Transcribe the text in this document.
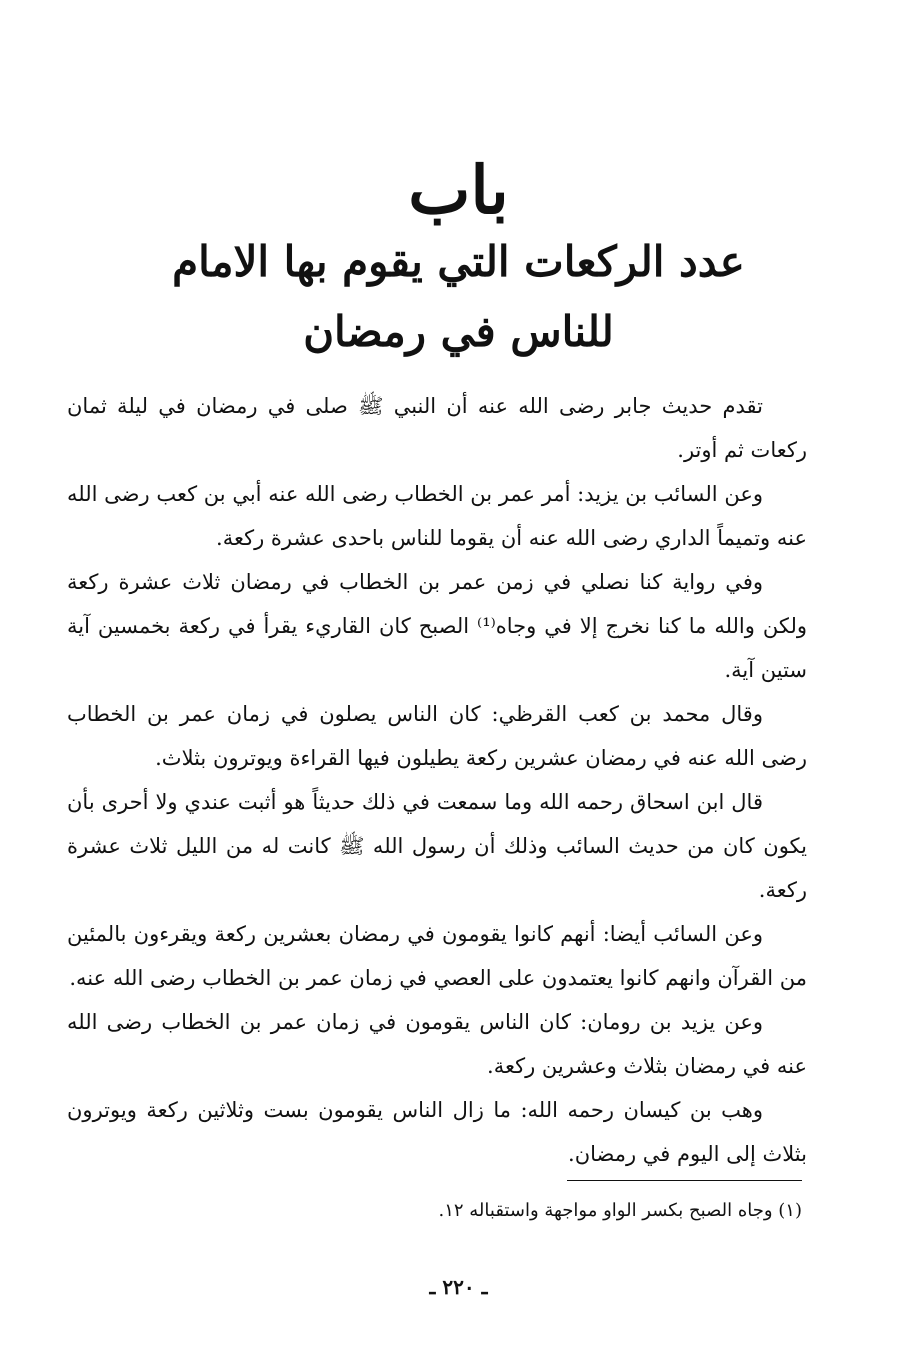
باب
عدد الركعات التي يقوم بها الامام
للناس في رمضان

تقدم حديث جابر رضى الله عنه أن النبي ﷺ صلى في رمضان في ليلة ثمان ركعات ثم أوتر.

وعن السائب بن يزيد: أمر عمر بن الخطاب رضى الله عنه أبي بن كعب رضى الله عنه وتميماً الداري رضى الله عنه أن يقوما للناس باحدى عشرة ركعة.

وفي رواية كنا نصلي في زمن عمر بن الخطاب في رمضان ثلاث عشرة ركعة ولكن والله ما كنا نخرج إلا في وجاه⁽¹⁾ الصبح كان القاريء يقرأ في ركعة بخمسين آية ستين آية.

وقال محمد بن كعب القرظي: كان الناس يصلون في زمان عمر بن الخطاب رضى الله عنه في رمضان عشرين ركعة يطيلون فيها القراءة ويوترون بثلاث.

قال ابن اسحاق رحمه الله وما سمعت في ذلك حديثاً هو أثبت عندي ولا أحرى بأن يكون كان من حديث السائب وذلك أن رسول الله ﷺ كانت له من الليل ثلاث عشرة ركعة.

وعن السائب أيضا: أنهم كانوا يقومون في رمضان بعشرين ركعة ويقرءون بالمئين من القرآن وانهم كانوا يعتمدون على العصي في زمان عمر بن الخطاب رضى الله عنه.

وعن يزيد بن رومان: كان الناس يقومون في زمان عمر بن الخطاب رضى الله عنه في رمضان بثلاث وعشرين ركعة.

وهب بن كيسان رحمه الله: ما زال الناس يقومون بست وثلاثين ركعة ويوترون بثلاث إلى اليوم في رمضان.

(١) وجاه الصبح بكسر الواو مواجهة واستقباله ١٢.
ـ ٢٢٠ ـ
